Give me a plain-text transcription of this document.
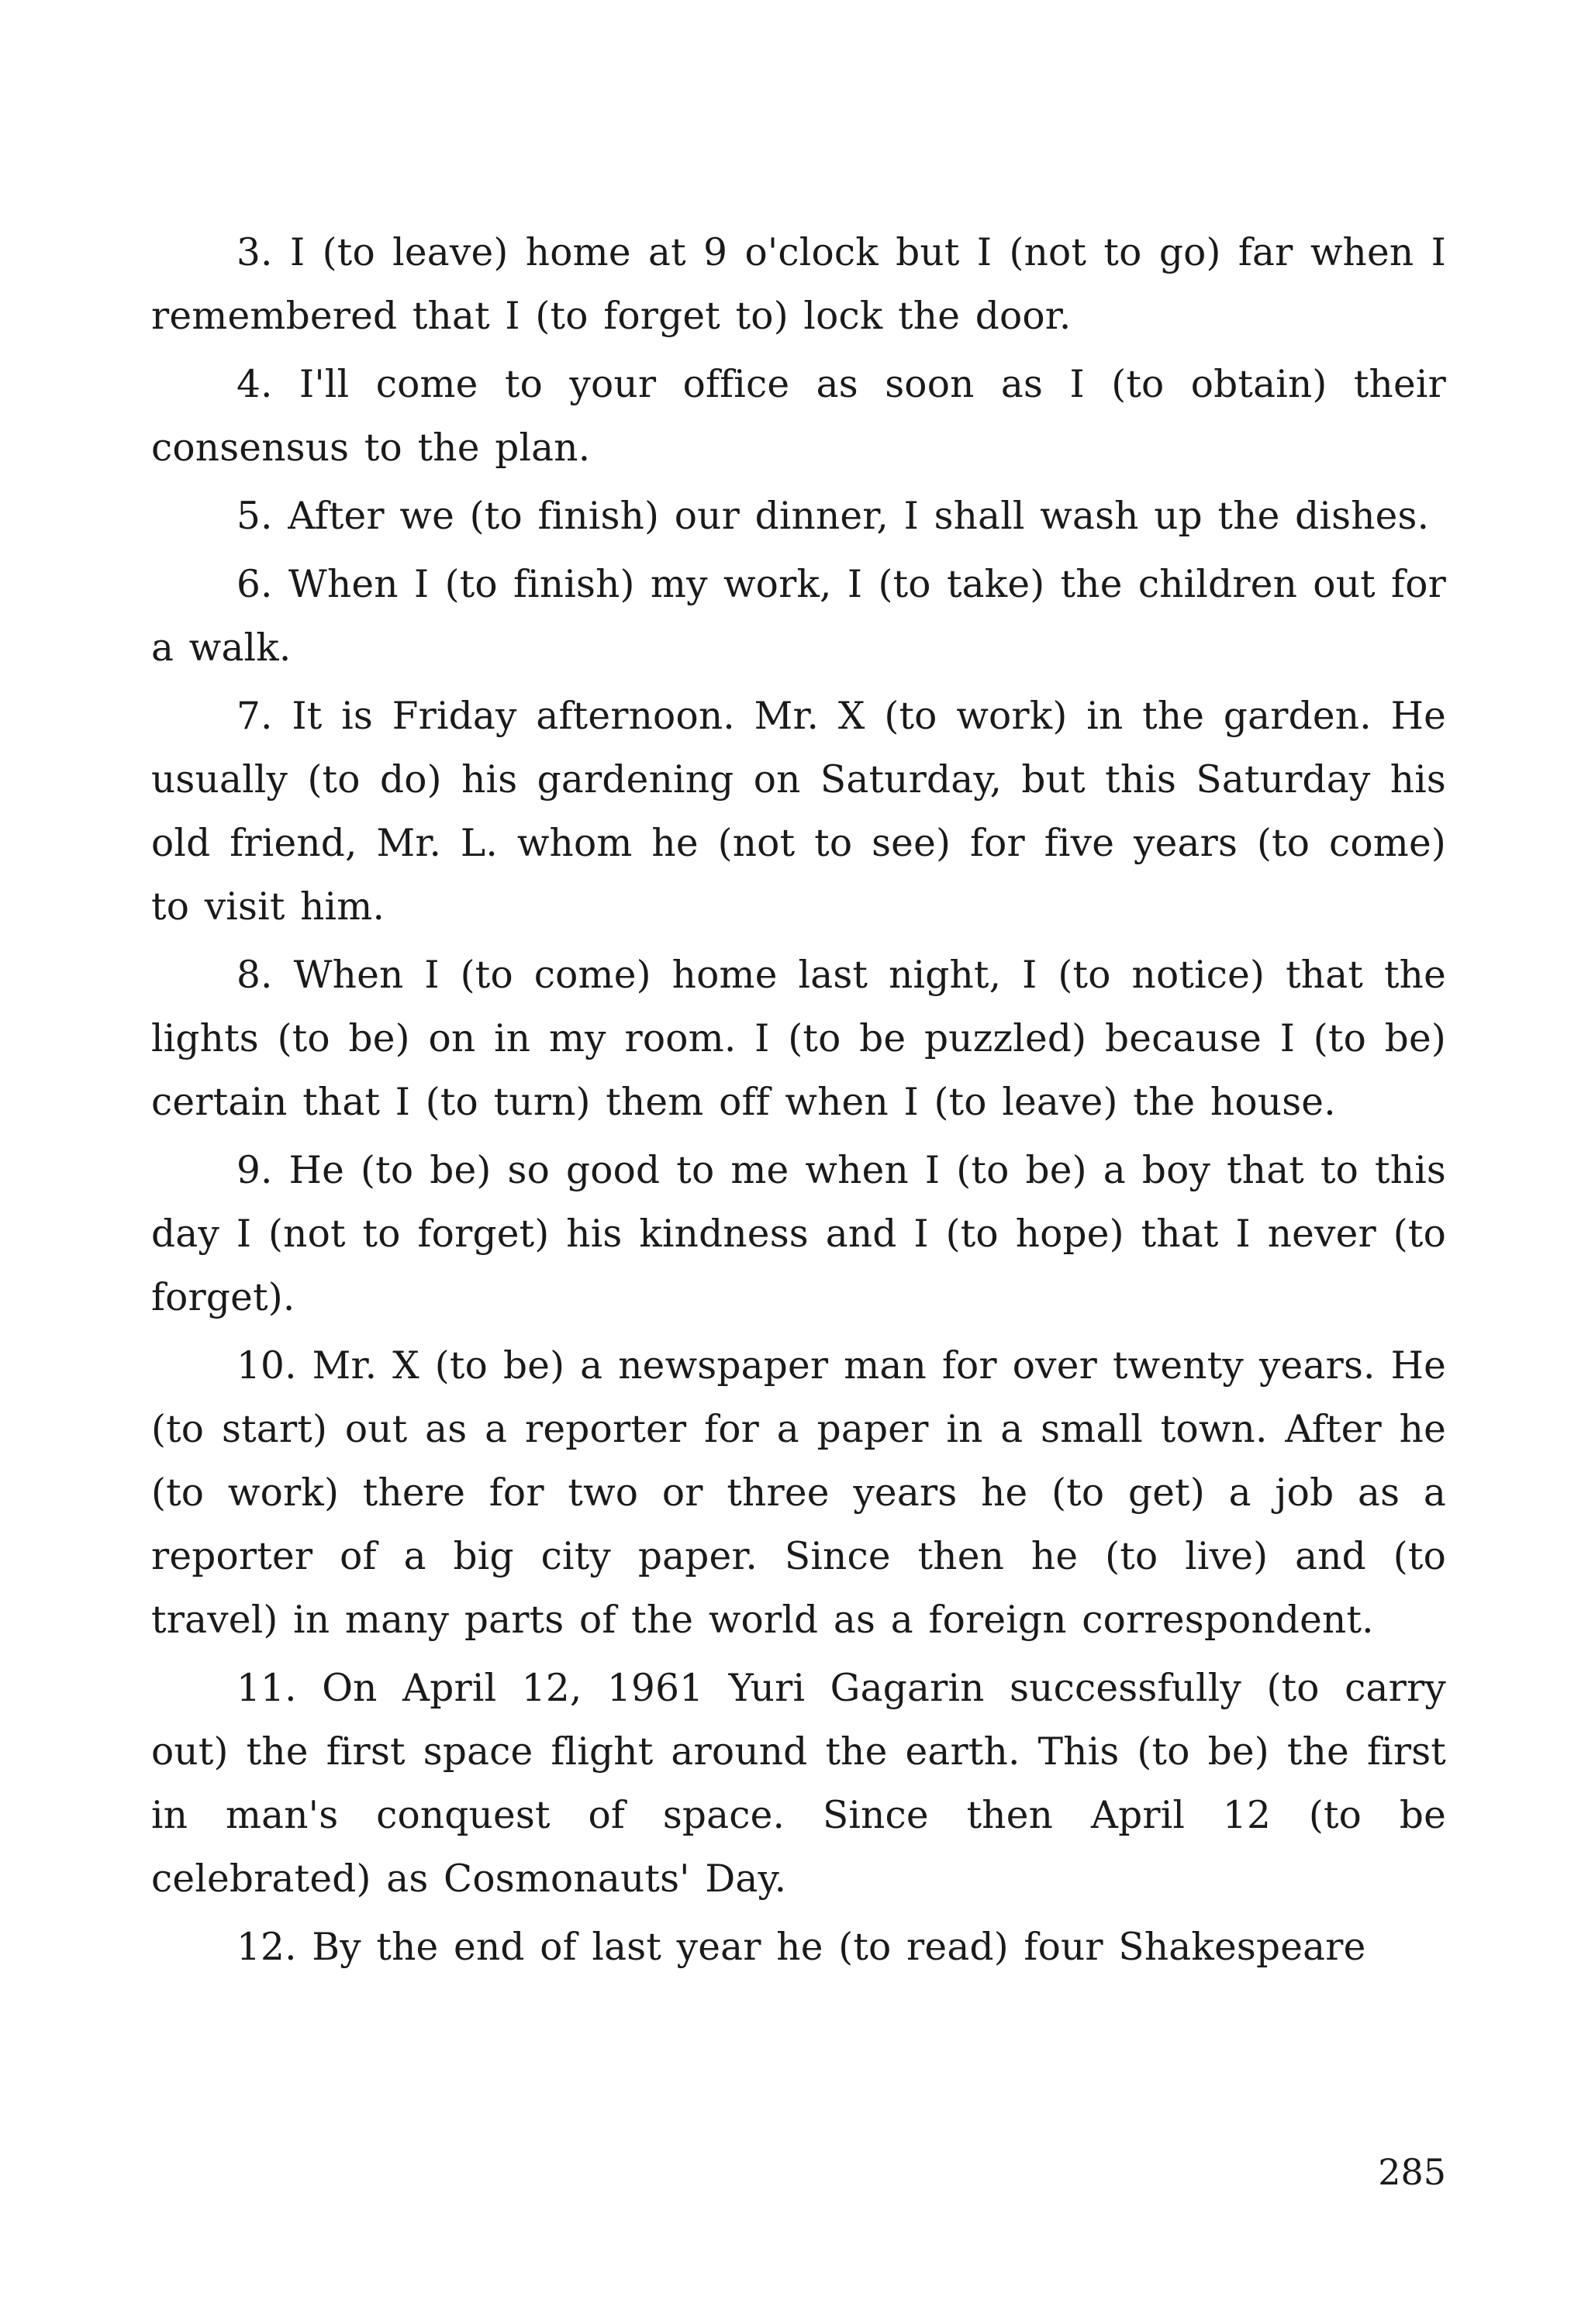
3. I (to leave) home at 9 o'clock but I (not to go) far when I remembered that I (to forget to) lock the door.

4. I'll come to your office as soon as I (to obtain) their consensus to the plan.

5. After we (to finish) our dinner, I shall wash up the dishes.

6. When I (to finish) my work, I (to take) the children out for a walk.

7. It is Friday afternoon. Mr. X (to work) in the garden. He usually (to do) his gardening on Saturday, but this Saturday his old friend, Mr. L. whom he (not to see) for five years (to come) to visit him.

8. When I (to come) home last night, I (to notice) that the lights (to be) on in my room. I (to be puzzled) because I (to be) certain that I (to turn) them off when I (to leave) the house.

9. He (to be) so good to me when I (to be) a boy that to this day I (not to forget) his kindness and I (to hope) that I never (to forget).

10. Mr. X (to be) a newspaper man for over twenty years. He (to start) out as a reporter for a paper in a small town. After he (to work) there for two or three years he (to get) a job as a reporter of a big city paper. Since then he (to live) and (to travel) in many parts of the world as a foreign correspondent.

11. On April 12, 1961 Yuri Gagarin successfully (to carry out) the first space flight around the earth. This (to be) the first in man's conquest of space. Since then April 12 (to be celebrated) as Cosmonauts' Day.

12. By the end of last year he (to read) four Shakespeare

285
